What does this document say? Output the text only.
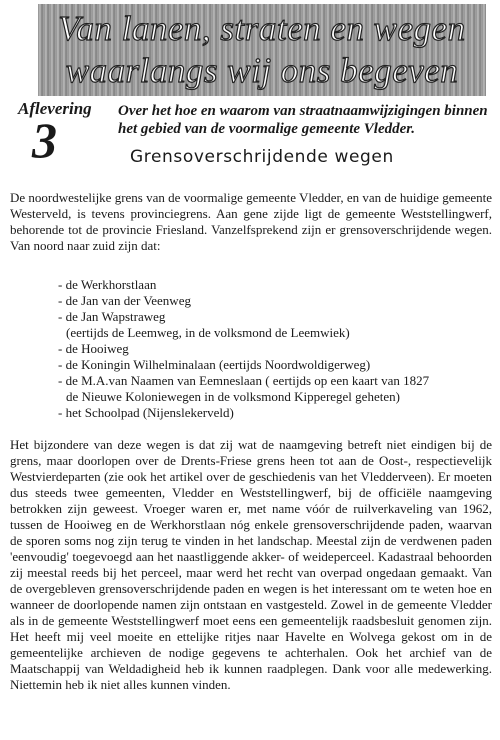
Van lanen, straten en wegen
waarlangs wij ons begeven
Aflevering
3
Over het hoe en waarom van straatnaamwijzigingen binnen het gebied van de voormalige gemeente Vledder.
Grensoverschrijdende wegen

De noordwestelijke grens van de voormalige gemeente Vledder, en van de huidige gemeente Westerveld, is tevens provinciegrens. Aan gene zijde ligt de gemeente Weststellingwerf, behorende tot de provincie Friesland. Vanzelfsprekend zijn er grensoverschrijdende wegen. Van noord naar zuid zijn dat:

- de Werkhorstlaan
- de Jan van der Veenweg
- de Jan Wapstraweg
(eertijds de Leemweg, in de volksmond de Leemwiek)
- de Hooiweg
- de Koningin Wilhelminalaan (eertijds Noordwoldigerweg)
- de M.A.van Naamen van Eemneslaan ( eertijds op een kaart van 1827
de Nieuwe Koloniewegen in de volksmond Kipperegel geheten)
- het Schoolpad (Nijenslekerveld)

Het bijzondere van deze wegen is dat zij wat de naamgeving betreft niet eindigen bij de grens, maar doorlopen over de Drents-Friese grens heen tot aan de Oost-, respectievelijk Westvierdeparten (zie ook het artikel over de geschiedenis van het Vledderveen). Er moeten dus steeds twee gemeenten, Vledder en Weststellingwerf, bij de officiële naamgeving betrokken zijn geweest. Vroeger waren er, met name vóór de ruilverkaveling van 1962, tussen de Hooiweg en de Werkhorstlaan nóg enkele grensoverschrijdende paden, waarvan de sporen soms nog zijn terug te vinden in het landschap. Meestal zijn de verdwenen paden 'eenvoudig' toegevoegd aan het naastliggende akker- of weideperceel. Kadastraal behoorden zij meestal reeds bij het perceel, maar werd het recht van overpad ongedaan gemaakt. Van de overgebleven grensoverschrijdende paden en wegen is het interessant om te weten hoe en wanneer de doorlopende namen zijn ontstaan en vastgesteld. Zowel in de gemeente Vledder als in de gemeente Weststellingwerf moet eens een gemeentelijk raadsbesluit genomen zijn. Het heeft mij veel moeite en ettelijke ritjes naar Havelte en Wolvega gekost om in de gemeentelijke archieven de nodige gegevens te achterhalen. Ook het archief van de Maatschappij van Weldadigheid heb ik kunnen raadplegen. Dank voor alle medewerking. Niettemin heb ik niet alles kunnen vinden.
